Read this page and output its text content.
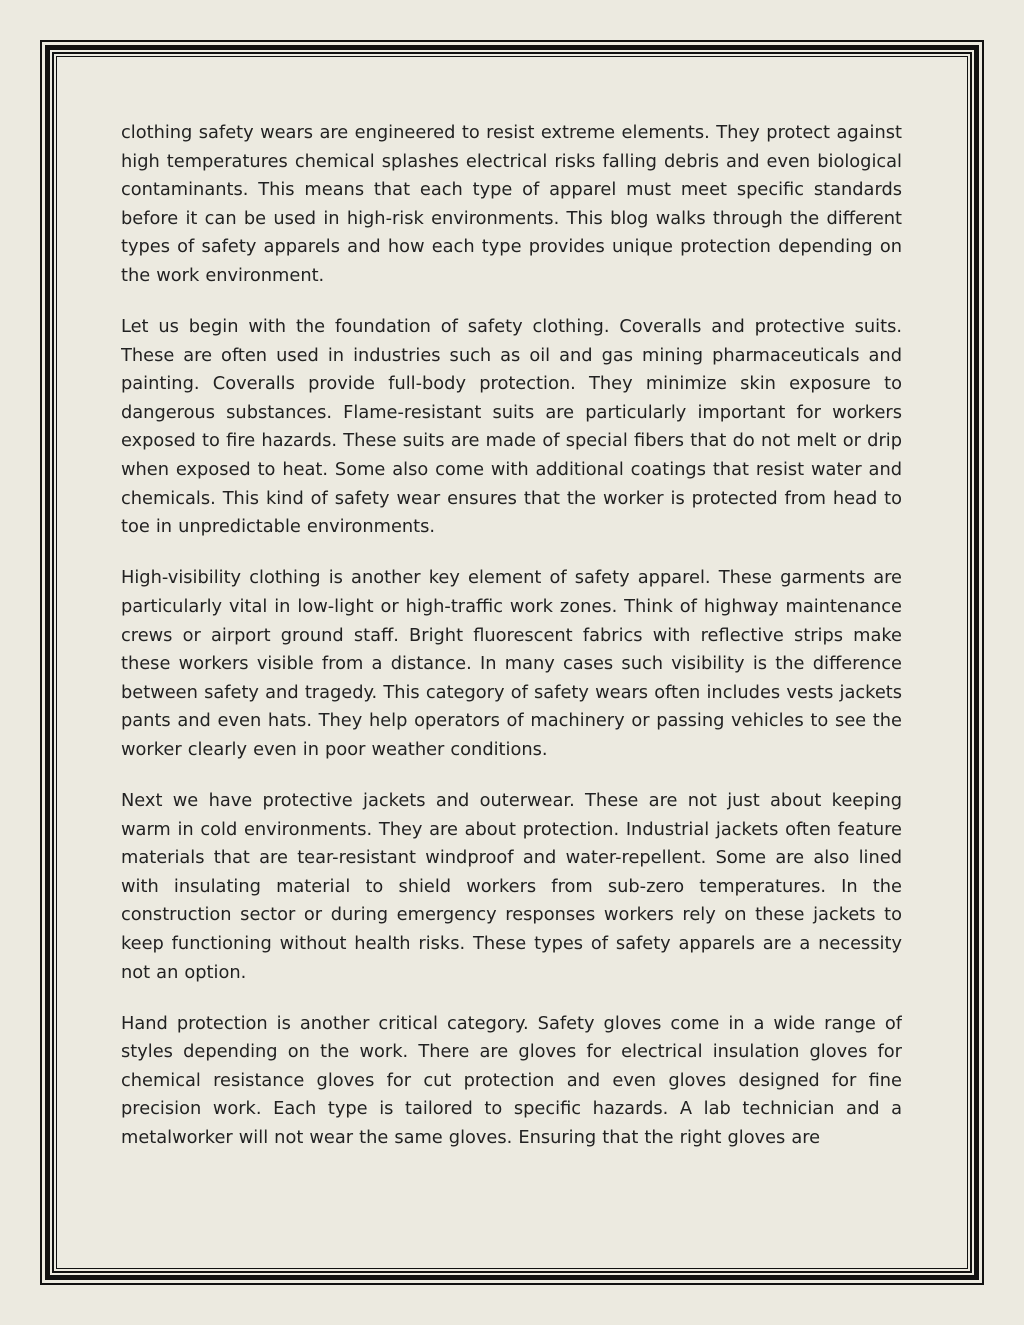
clothing safety wears are engineered to resist extreme elements. They protect against high temperatures chemical splashes electrical risks falling debris and even biological contaminants. This means that each type of apparel must meet specific standards before it can be used in high-risk environments. This blog walks through the different types of safety apparels and how each type provides unique protection depending on the work environment.

Let us begin with the foundation of safety clothing. Coveralls and protective suits. These are often used in industries such as oil and gas mining pharmaceuticals and painting. Coveralls provide full-body protection. They minimize skin exposure to dangerous substances. Flame-resistant suits are particularly important for workers exposed to fire hazards. These suits are made of special fibers that do not melt or drip when exposed to heat. Some also come with additional coatings that resist water and chemicals. This kind of safety wear ensures that the worker is protected from head to toe in unpredictable environments.

High-visibility clothing is another key element of safety apparel. These garments are particularly vital in low-light or high-traffic work zones. Think of highway maintenance crews or airport ground staff. Bright fluorescent fabrics with reflective strips make these workers visible from a distance. In many cases such visibility is the difference between safety and tragedy. This category of safety wears often includes vests jackets pants and even hats. They help operators of machinery or passing vehicles to see the worker clearly even in poor weather conditions.

Next we have protective jackets and outerwear. These are not just about keeping warm in cold environments. They are about protection. Industrial jackets often feature materials that are tear-resistant windproof and water-repellent. Some are also lined with insulating material to shield workers from sub-zero temperatures. In the construction sector or during emergency responses workers rely on these jackets to keep functioning without health risks. These types of safety apparels are a necessity not an option.

Hand protection is another critical category. Safety gloves come in a wide range of styles depending on the work. There are gloves for electrical insulation gloves for chemical resistance gloves for cut protection and even gloves designed for fine precision work. Each type is tailored to specific hazards. A lab technician and a metalworker will not wear the same gloves. Ensuring that the right gloves are
